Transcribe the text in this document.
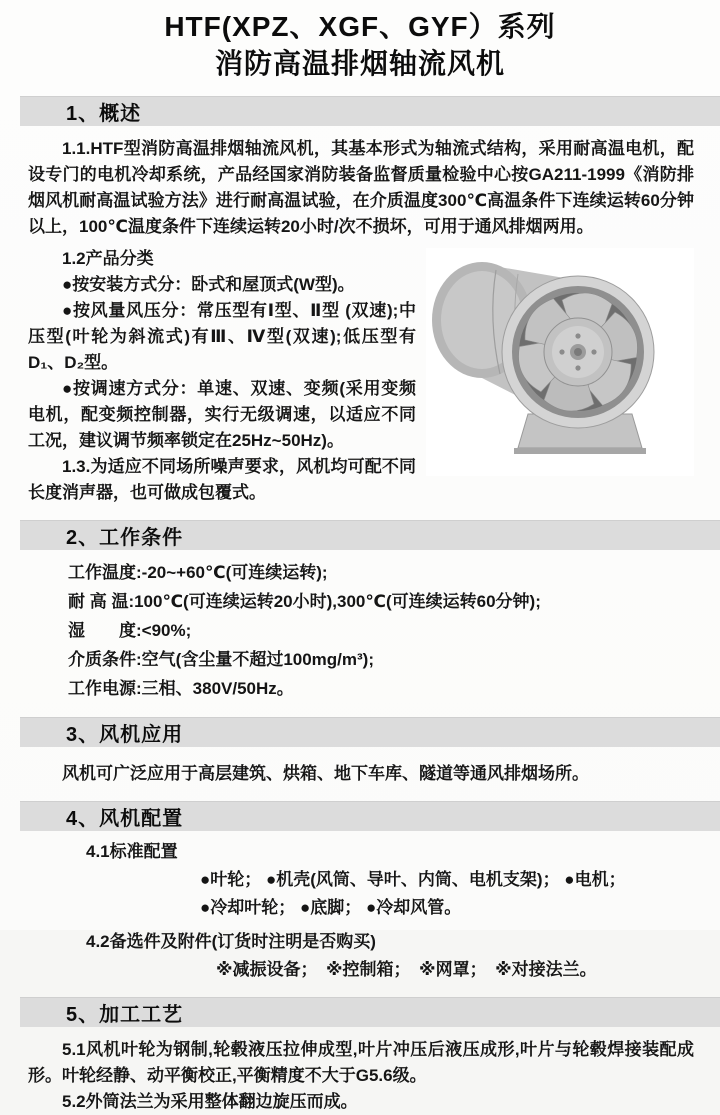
HTF(XPZ、XGF、GYF）系列
消防高温排烟轴流风机
1、概述

1.1.HTF型消防高温排烟轴流风机，其基本形式为轴流式结构，采用耐高温电机，配设专门的电机冷却系统，产品经国家消防装备监督质量检验中心按GA211-1999《消防排烟风机耐高温试验方法》进行耐高温试验，在介质温度300℃高温条件下连续运转60分钟以上，100℃温度条件下连续运转20小时/次不损坏，可用于通风排烟两用。

1.2产品分类

●按安装方式分：卧式和屋顶式(W型)。

●按风量风压分：常压型有Ⅰ型、Ⅱ型 (双速);中压型(叶轮为斜流式)有Ⅲ、Ⅳ型(双速);低压型有D₁、D₂型。

●按调速方式分：单速、双速、变频(采用变频电机，配变频控制器，实行无级调速，以适应不同工况，建议调节频率锁定在25Hz~50Hz)。

1.3.为适应不同场所噪声要求，风机均可配不同长度消声器，也可做成包覆式。

2、工作条件
工作温度:-20~+60℃(可连续运转);
耐 高 温:100℃(可连续运转20小时),300℃(可连续运转60分钟);
湿　　度:<90%;
介质条件:空气(含尘量不超过100mg/m³);
工作电源:三相、380V/50Hz。
3、风机应用

风机可广泛应用于高层建筑、烘箱、地下车库、隧道等通风排烟场所。

4、风机配置

4.1标准配置

●叶轮； ●机壳(风筒、导叶、内筒、电机支架)； ●电机；

●冷却叶轮； ●底脚； ●冷却风管。

4.2备选件及附件(订货时注明是否购买)

※减振设备；　※控制箱；　※网罩；　※对接法兰。

5、加工工艺

5.1风机叶轮为钢制,轮毂液压拉伸成型,叶片冲压后液压成形,叶片与轮毂焊接装配成形。叶轮经静、动平衡校正,平衡精度不大于G5.6级。

5.2外筒法兰为采用整体翻边旋压而成。
